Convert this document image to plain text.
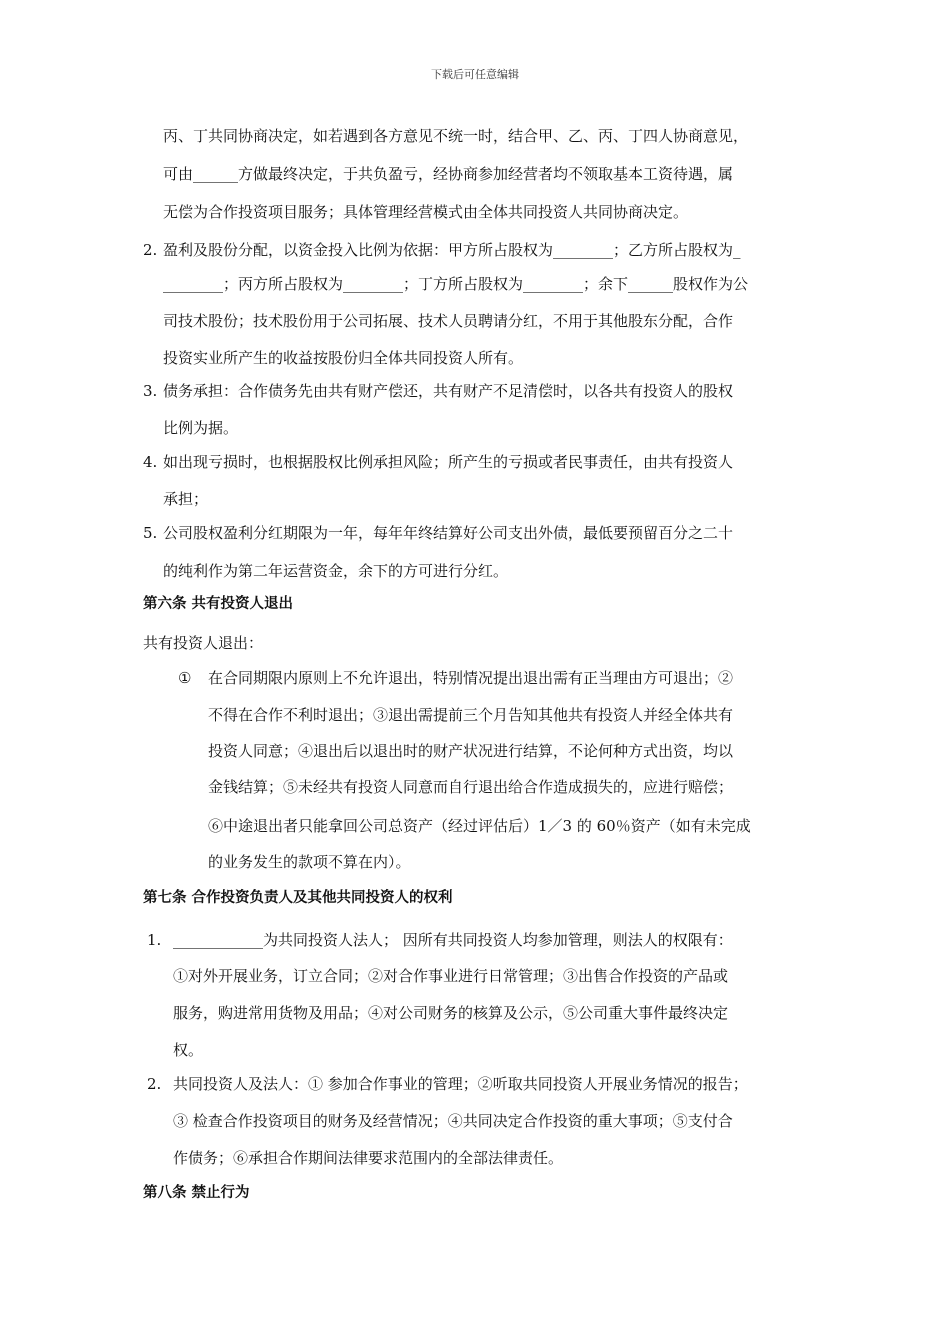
下载后可任意编辑
丙、丁共同协商决定，如若遇到各方意见不统一时，结合甲、乙、丙、丁四人协商意见，
可由______方做最终决定，于共负盈亏，经协商参加经营者均不领取基本工资待遇，属
无偿为合作投资项目服务；具体管理经营模式由全体共同投资人共同协商决定。
2. 盈利及股份分配，以资金投入比例为依据：甲方所占股权为________；乙方所占股权为_
________；丙方所占股权为________；丁方所占股权为________；余下______股权作为公
司技术股份；技术股份用于公司拓展、技术人员聘请分红，不用于其他股东分配，合作
投资实业所产生的收益按股份归全体共同投资人所有。
3. 债务承担：合作债务先由共有财产偿还，共有财产不足清偿时，以各共有投资人的股权
比例为据。
4. 如出现亏损时，也根据股权比例承担风险；所产生的亏损或者民事责任，由共有投资人
承担；
5. 公司股权盈利分红期限为一年，每年年终结算好公司支出外债，最低要预留百分之二十
的纯利作为第二年运营资金，余下的方可进行分红。
第六条 共有投资人退出
共有投资人退出：
① 在合同期限内原则上不允许退出，特别情况提出退出需有正当理由方可退出；②
不得在合作不利时退出；③退出需提前三个月告知其他共有投资人并经全体共有
投资人同意；④退出后以退出时的财产状况进行结算，不论何种方式出资，均以
金钱结算；⑤未经共有投资人同意而自行退出给合作造成损失的，应进行赔偿；
⑥中途退出者只能拿回公司总资产（经过评估后）1／3 的 60％资产（如有未完成
的业务发生的款项不算在内）。
第七条 合作投资负责人及其他共同投资人的权利
1. ____________为共同投资人法人； 因所有共同投资人均参加管理，则法人的权限有：
①对外开展业务，订立合同；②对合作事业进行日常管理；③出售合作投资的产品或
服务，购进常用货物及用品；④对公司财务的核算及公示，⑤公司重大事件最终决定
权。
2. 共同投资人及法人：① 参加合作事业的管理；②听取共同投资人开展业务情况的报告；
③ 检查合作投资项目的财务及经营情况；④共同决定合作投资的重大事项；⑤支付合
作债务；⑥承担合作期间法律要求范围内的全部法律责任。
第八条 禁止行为
